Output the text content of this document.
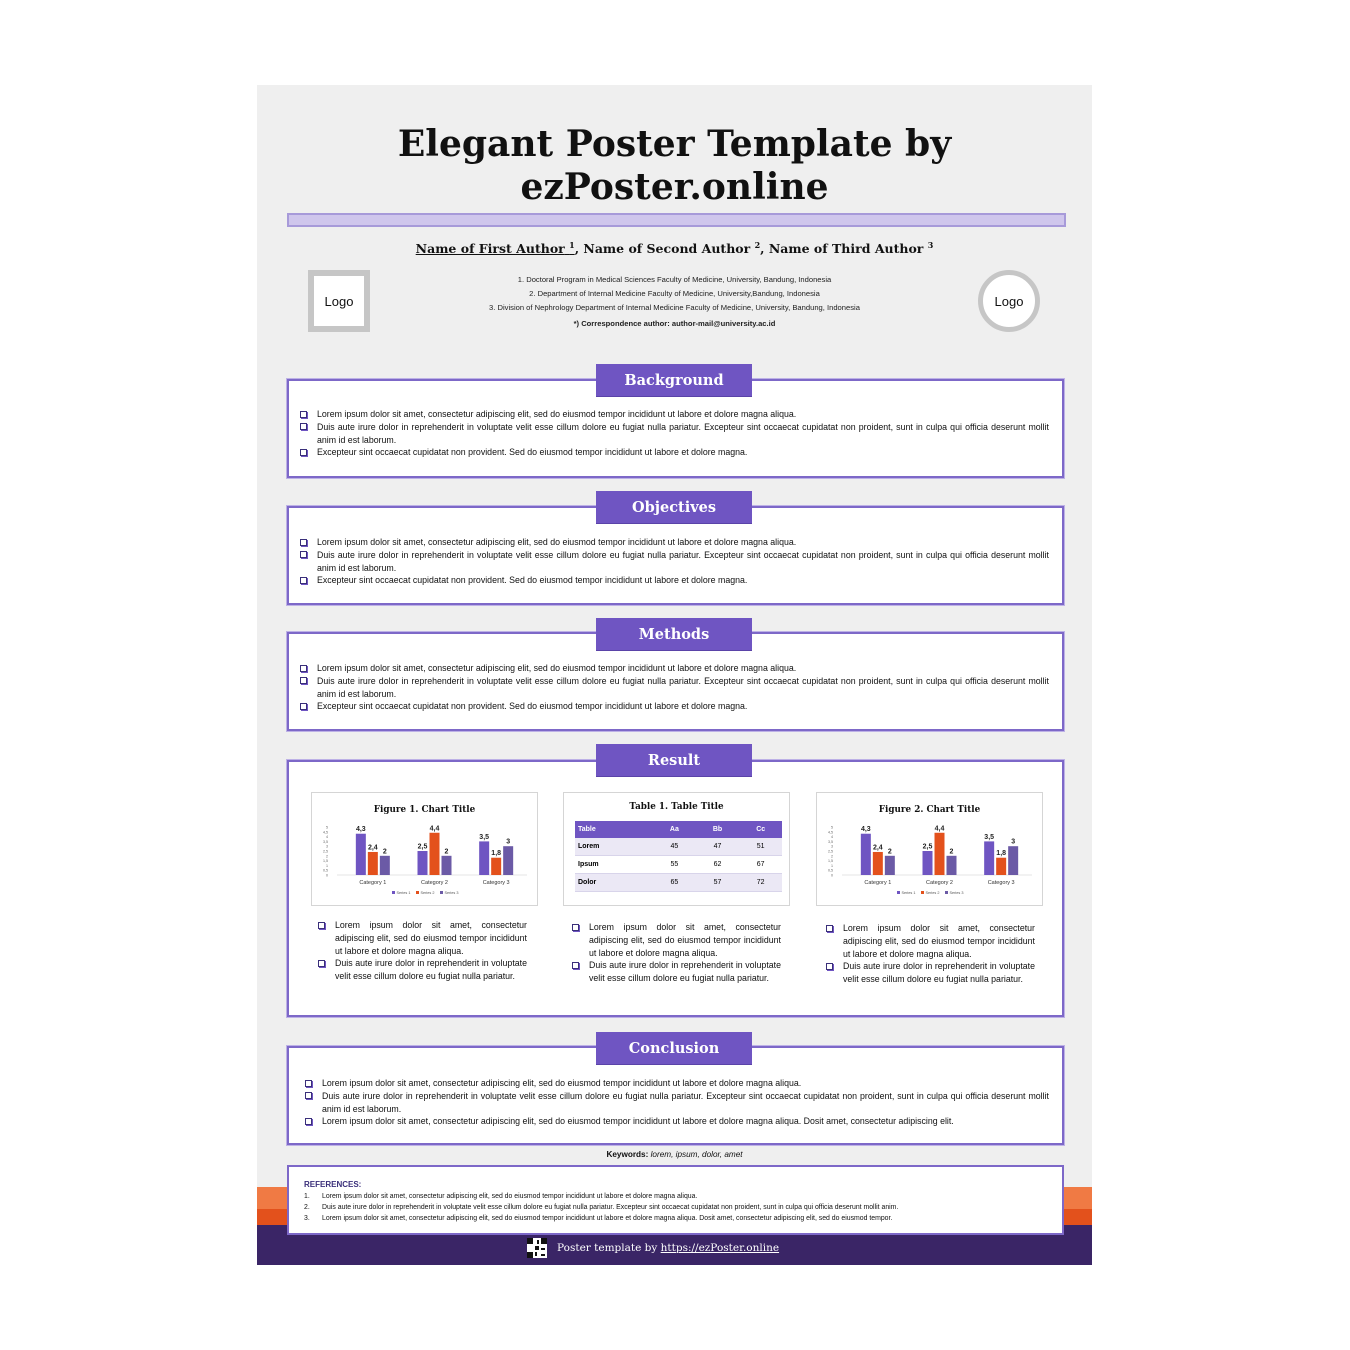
Elegant Poster Template by
ezPoster.online
Name of First Author $^1$, Name of Second Author $^2$, Name of Third Author $^3$
Logo	Logo
1. Doctoral Program in Medical Sciences Faculty of Medicine, University, Bandung, Indonesia
2. Department of Internal Medicine Faculty of Medicine, University,Bandung, Indonesia
3. Division of Nephrology Department of Internal Medicine Faculty of Medicine, University, Bandung, Indonesia
*) Correspondence author: author-mail@university.ac.id
Lorem ipsum dolor sit amet, consectetur adipiscing elit, sed do eiusmod tempor incididunt ut labore et dolore magna aliqua.
Duis aute irure dolor in reprehenderit in voluptate velit esse cillum dolore eu fugiat nulla pariatur. Excepteur sint occaecat cupidatat non proident, sunt in culpa qui officia deserunt mollit anim id est laborum.
Excepteur sint occaecat cupidatat non provident. Sed do eiusmod tempor incididunt ut labore et dolore magna.
Background
Lorem ipsum dolor sit amet, consectetur adipiscing elit, sed do eiusmod tempor incididunt ut labore et dolore magna aliqua.
Duis aute irure dolor in reprehenderit in voluptate velit esse cillum dolore eu fugiat nulla pariatur. Excepteur sint occaecat cupidatat non proident, sunt in culpa qui officia deserunt mollit anim id est laborum.
Excepteur sint occaecat cupidatat non provident. Sed do eiusmod tempor incididunt ut labore et dolore magna.
Objectives
Lorem ipsum dolor sit amet, consectetur adipiscing elit, sed do eiusmod tempor incididunt ut labore et dolore magna aliqua.
Duis aute irure dolor in reprehenderit in voluptate velit esse cillum dolore eu fugiat nulla pariatur. Excepteur sint occaecat cupidatat non proident, sunt in culpa qui officia deserunt mollit anim id est laborum.
Excepteur sint occaecat cupidatat non provident. Sed do eiusmod tempor incididunt ut labore et dolore magna.
Methods
Figure 1. Chart Title
0
0,5
1
1,5
2
2,5
3
3,5
4
4,5
5	4,3
2,4
2
Category 1
2,5
4,4
2
Category 2
3,5
1,8
3
Category 3
Series 1	Series 2	Series 3
Table 1. Table Title
Table	Aa	Bb	Cc
Lorem	45	47	51
Ipsum	55	62	67
Dolor	65	57	72
Figure 2. Chart Title
0
0,5
1
1,5
2
2,5
3
3,5
4
4,5
5	4,3
2,4
2
Category 1
2,5
4,4
2
Category 2
3,5
1,8
3
Category 3
Series 1	Series 2	Series 3
Lorem ipsum dolor sit amet, consectetur adipiscing elit, sed do eiusmod tempor incididunt ut labore et dolore magna aliqua.
Duis aute irure dolor in reprehenderit in voluptate velit esse cillum dolore eu fugiat nulla pariatur.
Lorem ipsum dolor sit amet, consectetur adipiscing elit, sed do eiusmod tempor incididunt ut labore et dolore magna aliqua.
Duis aute irure dolor in reprehenderit in voluptate velit esse cillum dolore eu fugiat nulla pariatur.
Lorem ipsum dolor sit amet, consectetur adipiscing elit, sed do eiusmod tempor incididunt ut labore et dolore magna aliqua.
Duis aute irure dolor in reprehenderit in voluptate velit esse cillum dolore eu fugiat nulla pariatur.
Result
Lorem ipsum dolor sit amet, consectetur adipiscing elit, sed do eiusmod tempor incididunt ut labore et dolore magna aliqua.
Duis aute irure dolor in reprehenderit in voluptate velit esse cillum dolore eu fugiat nulla pariatur. Excepteur sint occaecat cupidatat non proident, sunt in culpa qui officia deserunt mollit anim id est laborum.
Lorem ipsum dolor sit amet, consectetur adipiscing elit, sed do eiusmod tempor incididunt ut labore et dolore magna aliqua. Dosit amet, consectetur adipiscing elit.
Conclusion
Keywords: lorem, ipsum, dolor, amet
Poster template by https://ezPoster.online
REFERENCES:
1. Lorem ipsum dolor sit amet, consectetur adipiscing elit, sed do eiusmod tempor incididunt ut labore et dolore magna aliqua.
2. Duis aute irure dolor in reprehenderit in voluptate velit esse cillum dolore eu fugiat nulla pariatur. Excepteur sint occaecat cupidatat non proident, sunt in culpa qui officia deserunt mollit anim.
3. Lorem ipsum dolor sit amet, consectetur adipiscing elit, sed do eiusmod tempor incididunt ut labore et dolore magna aliqua. Dosit amet, consectetur adipiscing elit, sed do eiusmod tempor.
